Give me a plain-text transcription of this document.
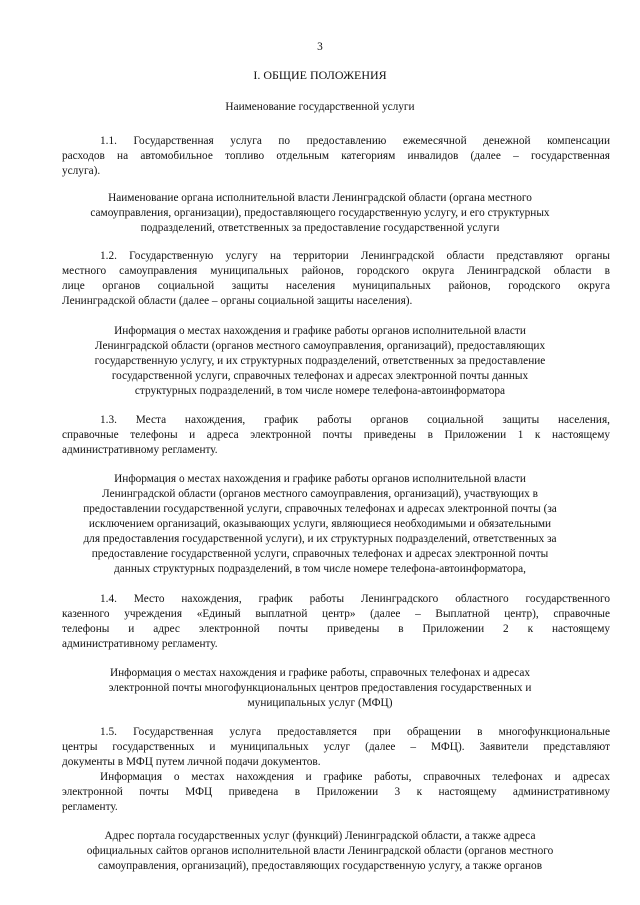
3
I. ОБЩИЕ ПОЛОЖЕНИЯ
Наименование государственной услуги
1.1. Государственная услуга по предоставлению ежемесячной денежной компенсации
расходов на автомобильное топливо отдельным категориям инвалидов (далее – государственная
услуга).
Наименование органа исполнительной власти Ленинградской области (органа местного
самоуправления, организации), предоставляющего государственную услугу, и его структурных
подразделений, ответственных за предоставление государственной услуги
1.2. Государственную услугу на территории Ленинградской области представляют органы
местного самоуправления муниципальных районов, городского округа Ленинградской области в
лице органов социальной защиты населения муниципальных районов, городского округа
Ленинградской области (далее – органы социальной защиты населения).
Информация о местах нахождения и графике работы органов исполнительной власти
Ленинградской области (органов местного самоуправления, организаций), предоставляющих
государственную услугу, и их структурных подразделений, ответственных за предоставление
государственной услуги, справочных телефонах и адресах электронной почты данных
структурных подразделений, в том числе номере телефона-автоинформатора
1.3. Места нахождения, график работы органов социальной защиты населения,
справочные телефоны и адреса электронной почты приведены в Приложении 1 к настоящему
административному регламенту.
Информация о местах нахождения и графике работы органов исполнительной власти
Ленинградской области (органов местного самоуправления, организаций), участвующих в
предоставлении государственной услуги, справочных телефонах и адресах электронной почты (за
исключением организаций, оказывающих услуги, являющиеся необходимыми и обязательными
для предоставления государственной услуги), и их структурных подразделений, ответственных за
предоставление государственной услуги, справочных телефонах и адресах электронной почты
данных структурных подразделений, в том числе номере телефона-автоинформатора,
1.4. Место нахождения, график работы Ленинградского областного государственного
казенного учреждения «Единый выплатной центр» (далее – Выплатной центр), справочные
телефоны и адрес электронной почты приведены в Приложении 2 к настоящему
административному регламенту.
Информация о местах нахождения и графике работы, справочных телефонах и адресах
электронной почты многофункциональных центров предоставления государственных и
муниципальных услуг (МФЦ)
1.5. Государственная услуга предоставляется при обращении в многофункциональные
центры государственных и муниципальных услуг (далее – МФЦ). Заявители представляют
документы в МФЦ путем личной подачи документов.
Информация о местах нахождения и графике работы, справочных телефонах и адресах
электронной почты МФЦ приведена в Приложении 3 к настоящему административному
регламенту.
Адрес портала государственных услуг (функций) Ленинградской области, а также адреса
официальных сайтов органов исполнительной власти Ленинградской области (органов местного
самоуправления, организаций), предоставляющих государственную услугу, а также органов
